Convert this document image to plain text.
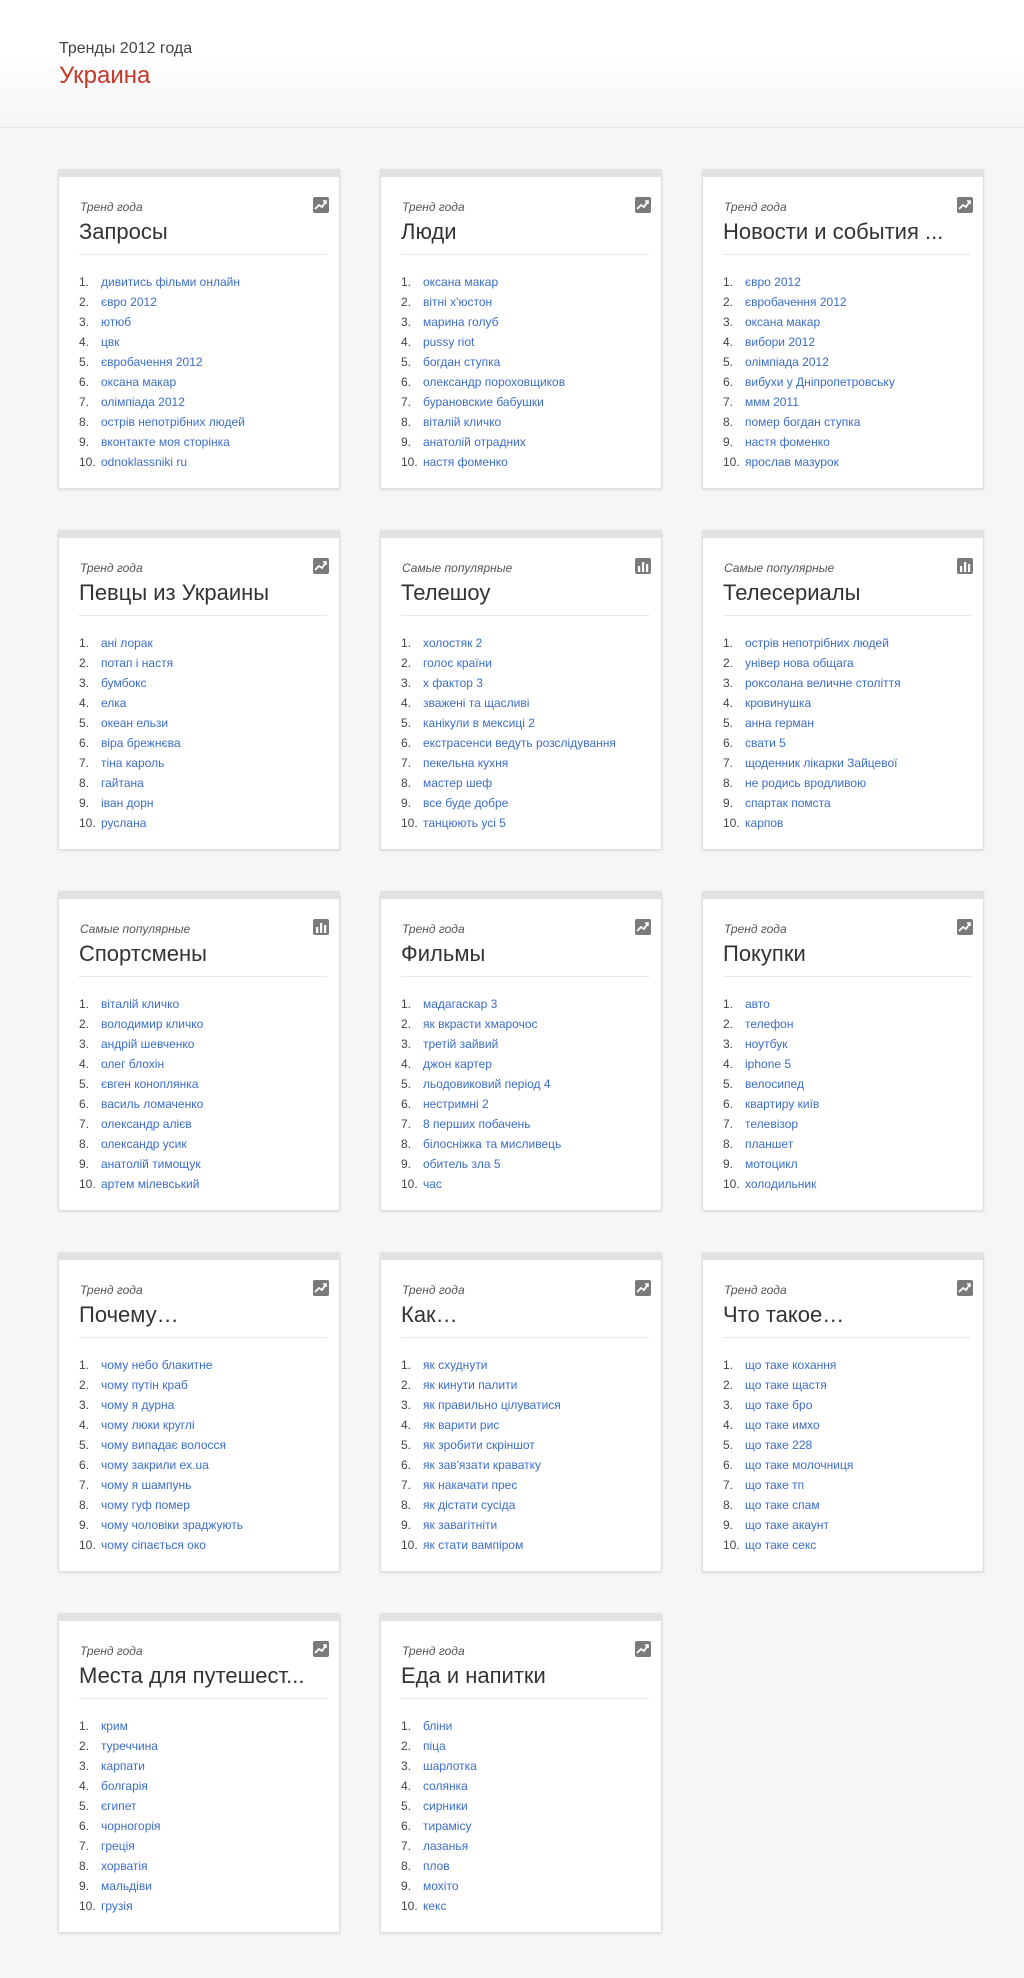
Тренды 2012 года
Украина
Тренд года
Запросы
1. дивитись фільми онлайн
2. євро 2012
3. ютюб
4. цвк
5. євробачення 2012
6. оксана макар
7. олімпіада 2012
8. острів непотрібних людей
9. вконтакте моя сторінка
10. odnoklassniki ru
Тренд года
Люди
1. оксана макар
2. вітні х'юстон
3. марина голуб
4. pussy riot
5. богдан ступка
6. олександр пороховщиков
7. бурановские бабушки
8. віталій кличко
9. анатолій отрадних
10. настя фоменко
Тренд года
Новости и события ...
1. євро 2012
2. євробачення 2012
3. оксана макар
4. вибори 2012
5. олімпіада 2012
6. вибухи у Дніпропетровську
7. ммм 2011
8. помер богдан ступка
9. настя фоменко
10. ярослав мазурок
Тренд года
Певцы из Украины
1. ані лорак
2. потап і настя
3. бумбокс
4. елка
5. океан ельзи
6. віра брежнєва
7. тіна кароль
8. гайтана
9. іван дорн
10. руслана
Самые популярные
Телешоу
1. холостяк 2
2. голос країни
3. х фактор 3
4. зважені та щасливі
5. канікули в мексиці 2
6. екстрасенси ведуть розслідування
7. пекельна кухня
8. мастер шеф
9. все буде добре
10. танцюють усі 5
Самые популярные
Телесериалы
1. острів непотрібних людей
2. універ нова общага
3. роксолана величне століття
4. кровинушка
5. анна герман
6. свати 5
7. щоденник лікарки Зайцевої
8. не родись вродливою
9. спартак помста
10. карпов
Самые популярные
Спортсмены
1. віталій кличко
2. володимир кличко
3. андрій шевченко
4. олег блохін
5. євген коноплянка
6. василь ломаченко
7. олександр алієв
8. олександр усик
9. анатолій тимощук
10. артем мілевський
Тренд года
Фильмы
1. мадагаскар 3
2. як вкрасти хмарочос
3. третій зайвий
4. джон картер
5. льодовиковий період 4
6. нестримні 2
7. 8 перших побачень
8. білосніжка та мисливець
9. обитель зла 5
10. час
Тренд года
Покупки
1. авто
2. телефон
3. ноутбук
4. iphone 5
5. велосипед
6. квартиру київ
7. телевізор
8. планшет
9. мотоцикл
10. холодильник
Тренд года
Почему…
1. чому небо блакитне
2. чому путін краб
3. чому я дурна
4. чому люки круглі
5. чому випадає волосся
6. чому закрили ex.ua
7. чому я шампунь
8. чому гуф помер
9. чому чоловіки зраджують
10. чому сіпається око
Тренд года
Как…
1. як схуднути
2. як кинути палити
3. як правильно цілуватися
4. як варити рис
5. як зробити скріншот
6. як зав'язати краватку
7. як накачати прес
8. як дістати сусіда
9. як завагітніти
10. як стати вампіром
Тренд года
Что такое…
1. що таке кохання
2. що таке щастя
3. що таке бро
4. що таке имхо
5. що таке 228
6. що таке молочниця
7. що таке тп
8. що таке спам
9. що таке акаунт
10. що таке секс
Тренд года
Места для путешест...
1. крим
2. туреччина
3. карпати
4. болгарія
5. єгипет
6. чорногорія
7. греція
8. хорватія
9. мальдіви
10. грузія
Тренд года
Еда и напитки
1. бліни
2. піца
3. шарлотка
4. солянка
5. сирники
6. тирамісу
7. лазанья
8. плов
9. мохіто
10. кекс
